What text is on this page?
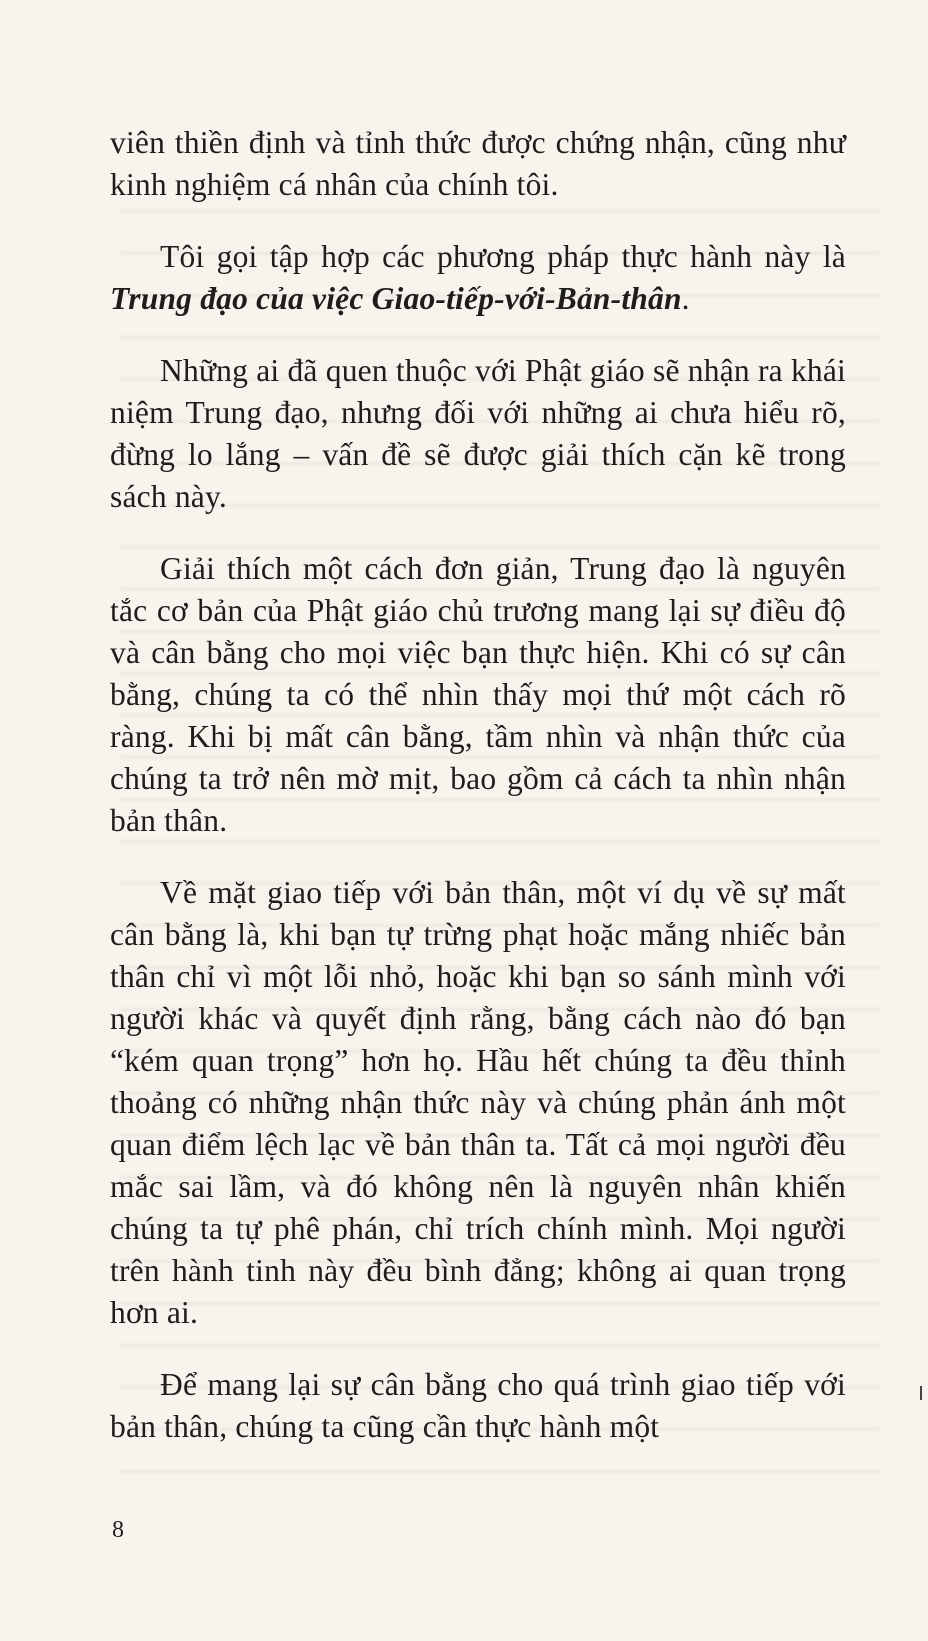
viên thiền định và tỉnh thức được chứng nhận, cũng như kinh nghiệm cá nhân của chính tôi.

Tôi gọi tập hợp các phương pháp thực hành này là Trung đạo của việc Giao-tiếp-với-Bản-thân.

Những ai đã quen thuộc với Phật giáo sẽ nhận ra khái niệm Trung đạo, nhưng đối với những ai chưa hiểu rõ, đừng lo lắng – vấn đề sẽ được giải thích cặn kẽ trong sách này.

Giải thích một cách đơn giản, Trung đạo là nguyên tắc cơ bản của Phật giáo chủ trương mang lại sự điều độ và cân bằng cho mọi việc bạn thực hiện. Khi có sự cân bằng, chúng ta có thể nhìn thấy mọi thứ một cách rõ ràng. Khi bị mất cân bằng, tầm nhìn và nhận thức của chúng ta trở nên mờ mịt, bao gồm cả cách ta nhìn nhận bản thân.

Về mặt giao tiếp với bản thân, một ví dụ về sự mất cân bằng là, khi bạn tự trừng phạt hoặc mắng nhiếc bản thân chỉ vì một lỗi nhỏ, hoặc khi bạn so sánh mình với người khác và quyết định rằng, bằng cách nào đó bạn “kém quan trọng” hơn họ. Hầu hết chúng ta đều thỉnh thoảng có những nhận thức này và chúng phản ánh một quan điểm lệch lạc về bản thân ta. Tất cả mọi người đều mắc sai lầm, và đó không nên là nguyên nhân khiến chúng ta tự phê phán, chỉ trích chính mình. Mọi người trên hành tinh này đều bình đẳng; không ai quan trọng hơn ai.

Để mang lại sự cân bằng cho quá trình giao tiếp với bản thân, chúng ta cũng cần thực hành một

8
